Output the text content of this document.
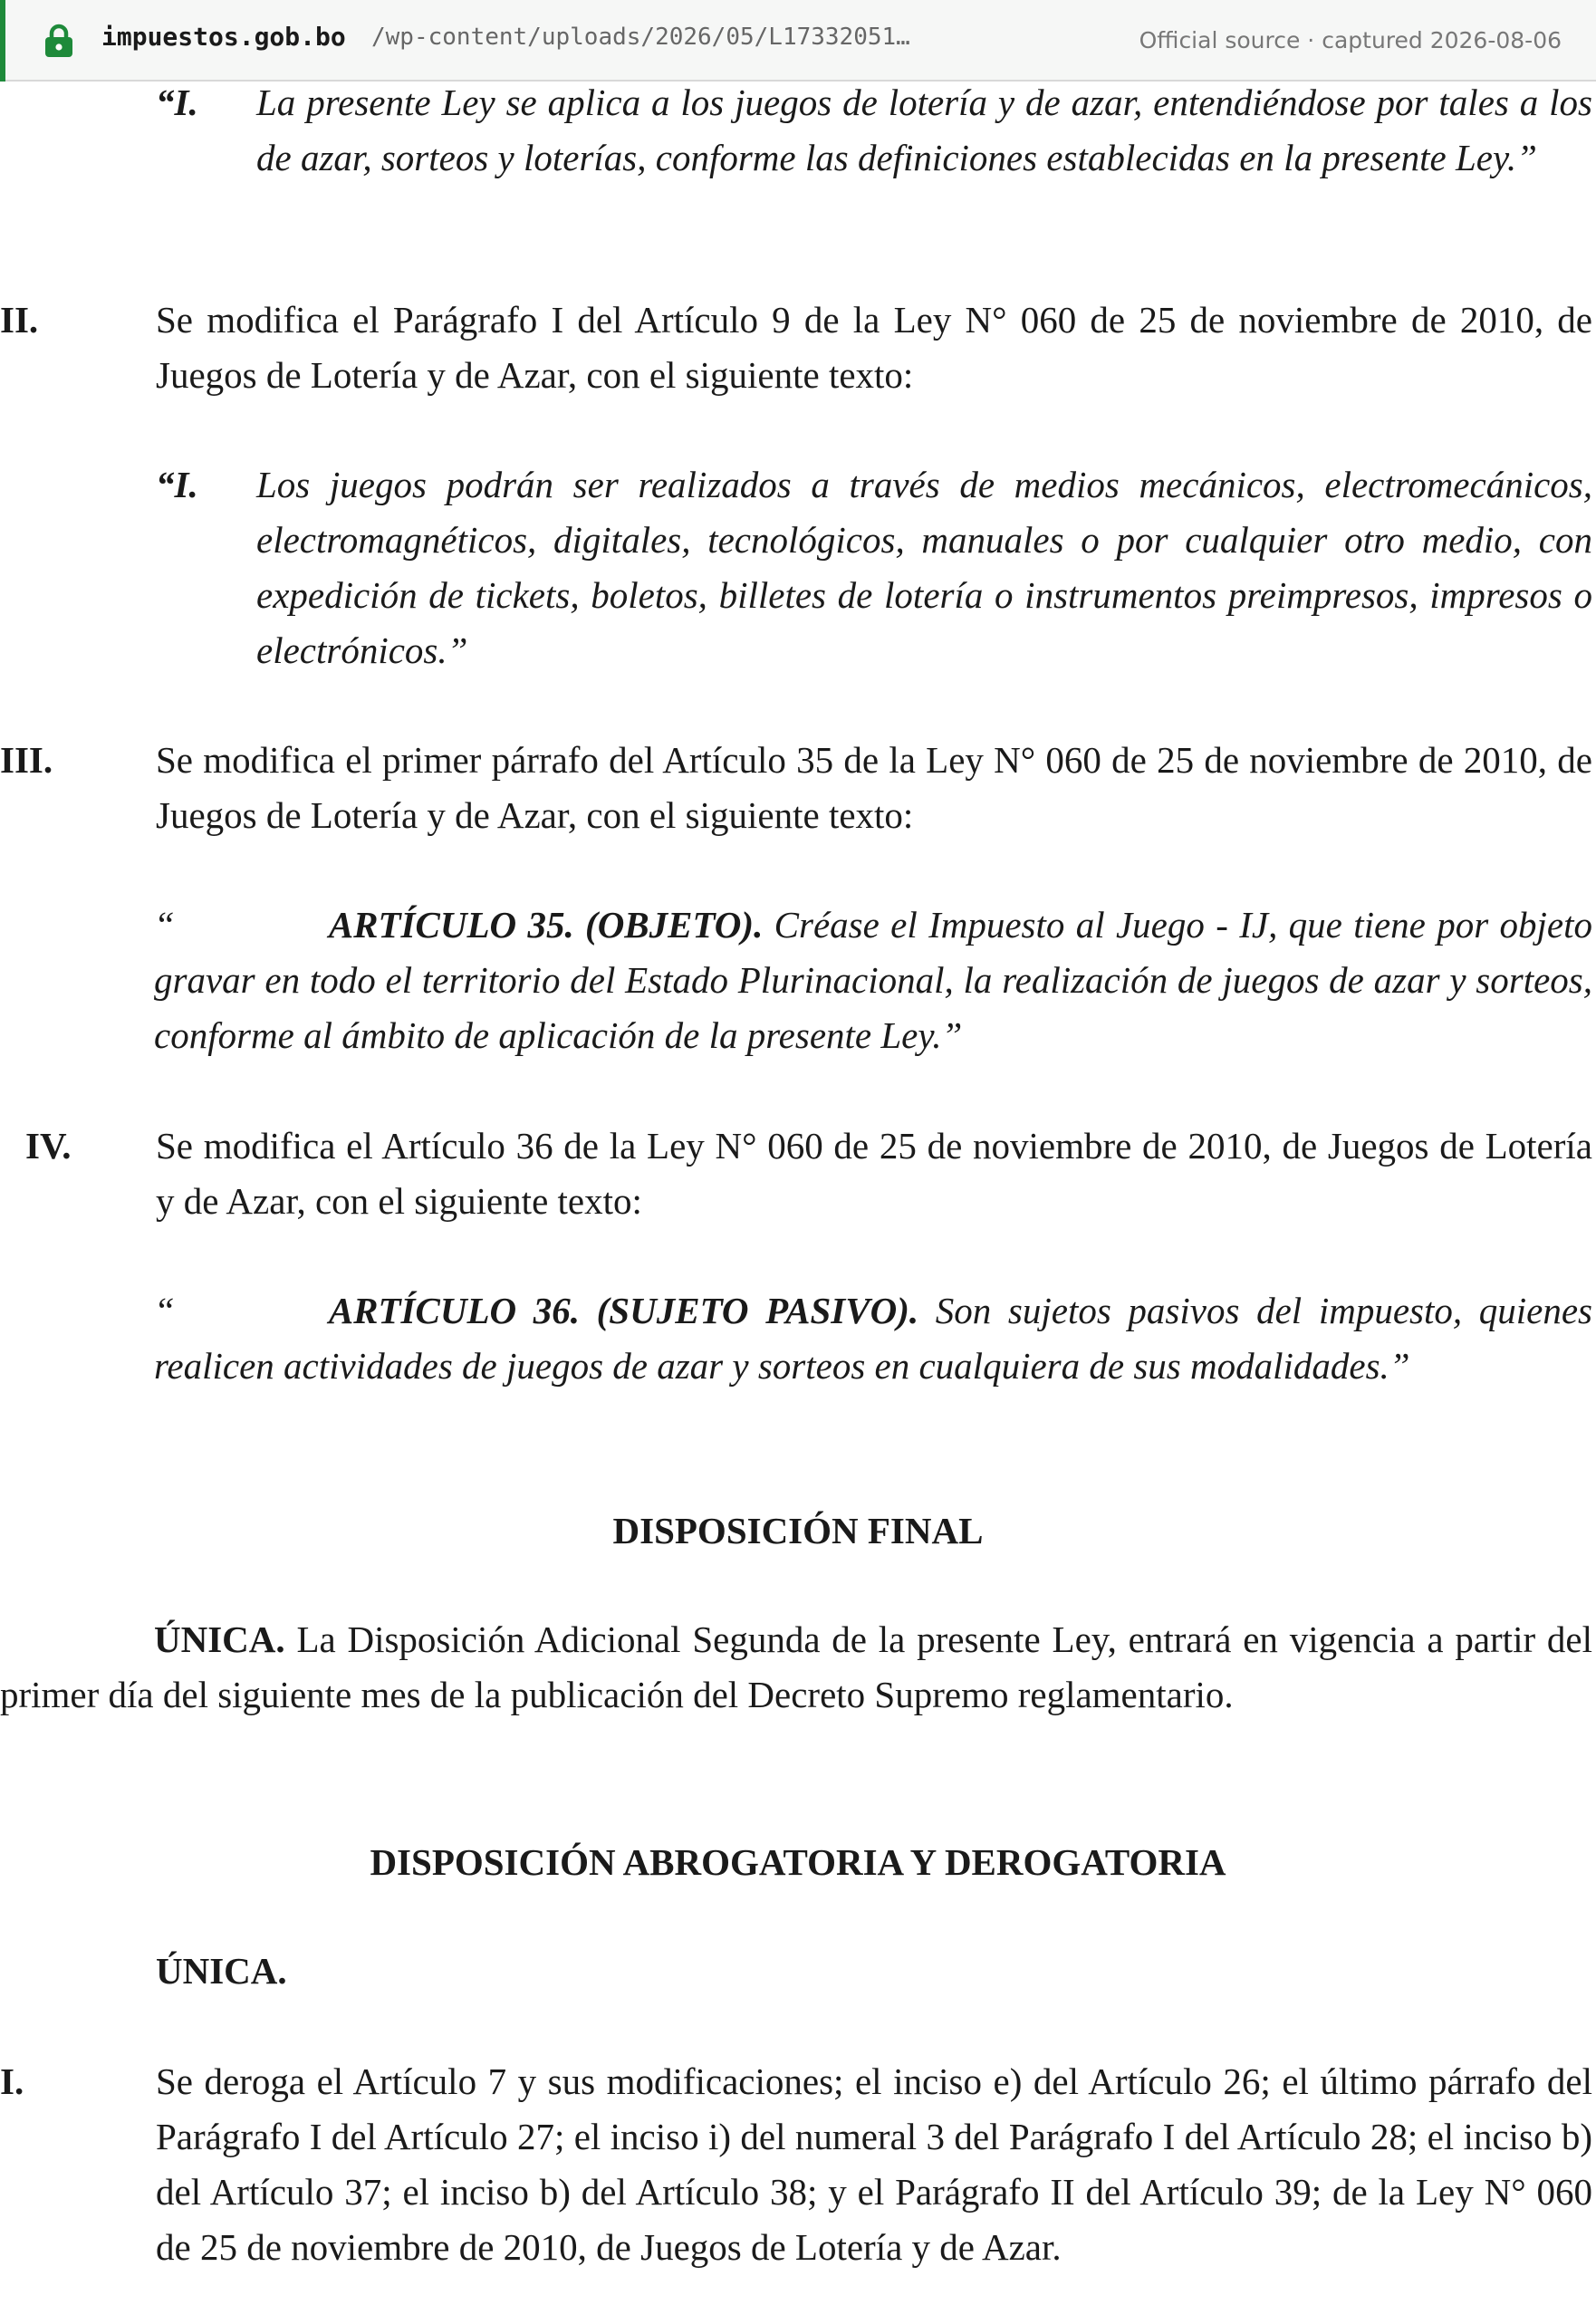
“I. La presente Ley se aplica a los juegos de lotería y de azar, entendiéndose por tales a los de azar, sorteos y loterías, conforme las definiciones establecidas en la presente Ley.”
II.	Se modifica el Parágrafo I del Artículo 9 de la Ley N° 060 de 25 de noviembre de 2010, de Juegos de Lotería y de Azar, con el siguiente texto:
“I. Los juegos podrán ser realizados a través de medios mecánicos, electromecánicos, electromagnéticos, digitales, tecnológicos, manuales o por cualquier otro medio, con expedición de tickets, boletos, billetes de lotería o instrumentos preimpresos, impresos o electrónicos.”
III.	Se modifica el primer párrafo del Artículo 35 de la Ley N° 060 de 25 de noviembre de 2010, de Juegos de Lotería y de Azar, con el siguiente texto:
“	ARTÍCULO 35. (OBJETO). Créase el Impuesto al Juego - IJ, que tiene por objeto gravar en todo el territorio del Estado Plurinacional, la realización de juegos de azar y sorteos, conforme al ámbito de aplicación de la presente Ley.”
IV. Se modifica el Artículo 36 de la Ley N° 060 de 25 de noviembre de 2010, de Juegos de Lotería y de Azar, con el siguiente texto:
“	ARTÍCULO 36. (SUJETO PASIVO). Son sujetos pasivos del impuesto, quienes realicen actividades de juegos de azar y sorteos en cualquiera de sus modalidades.”
DISPOSICIÓN FINAL
ÚNICA. La Disposición Adicional Segunda de la presente Ley, entrará en vigencia a partir del primer día del siguiente mes de la publicación del Decreto Supremo reglamentario.
DISPOSICIÓN ABROGATORIA Y DEROGATORIA
ÚNICA.
I.	Se deroga el Artículo 7 y sus modificaciones; el inciso e) del Artículo 26; el último párrafo del Parágrafo I del Artículo 27; el inciso i) del numeral 3 del Parágrafo I del Artículo 28; el inciso b) del Artículo 37; el inciso b) del Artículo 38; y el Parágrafo II del Artículo 39; de la Ley N° 060 de 25 de noviembre de 2010, de Juegos de Lotería y de Azar.
impuestos.gob.bo /wp-content/uploads/2026/05/L17332051…	Official source · captured 2026-08-06
